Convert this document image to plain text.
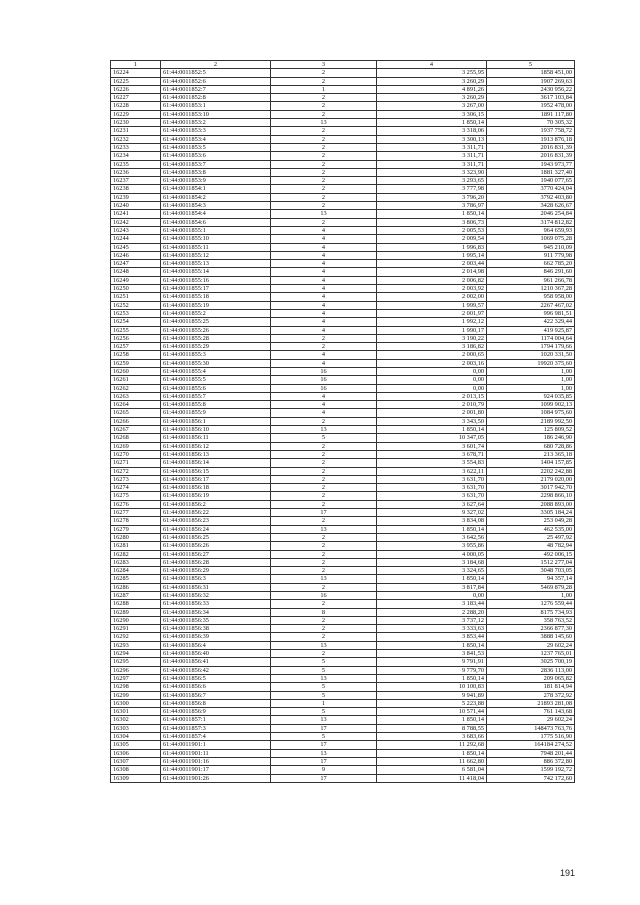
1	2	3	4	5
16224	61:44:0011852:5	2	3 255,95	1858 451,00
16225	61:44:0011852:6	2	3 260,29	1907 269,63
16226	61:44:0011852:7	1	4 891,26	2430 956,22
16227	61:44:0011852:8	2	3 260,29	3617 103,84
16228	61:44:0011853:1	2	3 267,00	1952 478,00
16229	61:44:0011853:10	2	3 306,15	1891 117,80
16230	61:44:0011853:2	13	1 850,14	70 305,32
16231	61:44:0011853:3	2	3 318,06	1937 758,72
16232	61:44:0011853:4	2	3 300,13	1913 876,18
16233	61:44:0011853:5	2	3 311,71	2016 831,39
16234	61:44:0011853:6	2	3 311,71	2016 831,39
16235	61:44:0011853:7	2	3 311,71	1943 973,77
16236	61:44:0011853:8	2	3 323,90	1881 327,40
16237	61:44:0011853:9	2	3 293,65	1940 077,65
16238	61:44:0011854:1	2	3 777,98	3770 424,04
16239	61:44:0011854:2	2	3 796,20	3792 403,80
16240	61:44:0011854:3	2	3 786,97	3428 626,67
16241	61:44:0011854:4	13	1 850,14	2046 254,84
16242	61:44:0011854:6	2	3 806,73	3174 812,82
16243	61:44:0011855:1	4	2 005,53	964 659,93
16244	61:44:0011855:10	4	2 009,54	1069 075,28
16245	61:44:0011855:11	4	1 996,83	945 210,09
16246	61:44:0011855:12	4	1 995,14	911 779,98
16247	61:44:0011855:13	4	2 003,44	662 785,20
16248	61:44:0011855:14	4	2 014,98	846 291,60
16249	61:44:0011855:16	4	2 006,82	961 266,78
16250	61:44:0011855:17	4	2 003,92	1210 367,28
16251	61:44:0011855:18	4	2 002,00	958 958,00
16252	61:44:0011855:19	4	1 999,57	2267 467,02
16253	61:44:0011855:2	4	2 001,97	996 981,51
16254	61:44:0011855:25	4	1 992,12	422 329,44
16255	61:44:0011855:26	4	1 990,17	419 925,87
16256	61:44:0011855:28	2	3 190,22	1174 004,64
16257	61:44:0011855:29	2	3 186,82	1794 179,66
16258	61:44:0011855:3	4	2 000,65	1020 331,50
16259	61:44:0011855:30	4	2 003,16	19920 375,60
16260	61:44:0011855:4	16	0,00	1,00
16261	61:44:0011855:5	16	0,00	1,00
16262	61:44:0011855:6	16	0,00	1,00
16263	61:44:0011855:7	4	2 013,15	924 035,85
16264	61:44:0011855:8	4	2 010,79	1099 902,13
16265	61:44:0011855:9	4	2 001,80	1084 975,60
16266	61:44:0011856:1	2	3 343,50	2189 992,50
16267	61:44:0011856:10	13	1 850,14	125 809,52
16268	61:44:0011856:11	5	10 347,05	186 246,90
16269	61:44:0011856:12	2	3 601,74	680 728,86
16270	61:44:0011856:13	2	3 678,71	213 365,18
16271	61:44:0011856:14	2	3 554,83	1404 157,85
16272	61:44:0011856:15	2	3 622,11	2202 242,88
16273	61:44:0011856:17	2	3 631,70	2179 020,00
16274	61:44:0011856:18	2	3 631,70	3017 942,70
16275	61:44:0011856:19	2	3 631,70	2298 866,10
16276	61:44:0011856:2	2	3 627,64	2088 893,00
16277	61:44:0011856:22	17	9 327,02	3305 184,24
16278	61:44:0011856:23	2	3 834,08	253 049,28
16279	61:44:0011856:24	13	1 850,14	462 535,00
16280	61:44:0011856:25	2	3 642,56	25 497,92
16281	61:44:0011856:26	2	3 955,86	48 782,94
16282	61:44:0011856:27	2	4 000,05	492 006,15
16283	61:44:0011856:28	2	3 184,68	1512 277,04
16284	61:44:0011856:29	2	3 324,65	3048 703,05
16285	61:44:0011856:3	13	1 850,14	94 357,14
16286	61:44:0011856:31	2	3 817,84	5469 879,28
16287	61:44:0011856:32	16	0,00	1,00
16288	61:44:0011856:33	2	3 183,44	1276 559,44
16289	61:44:0011856:34	8	2 288,20	8175 734,93
16290	61:44:0011856:35	2	3 737,12	358 763,52
16291	61:44:0011856:38	2	3 333,63	2366 877,30
16292	61:44:0011856:39	2	3 853,44	3888 145,60
16293	61:44:0011856:4	13	1 850,14	29 602,24
16294	61:44:0011856:40	2	3 841,53	1237 765,01
16295	61:44:0011856:41	5	9 791,91	3025 700,19
16296	61:44:0011856:42	5	9 779,70	2836 113,00
16297	61:44:0011856:5	13	1 850,14	209 065,82
16298	61:44:0011856:6	5	10 100,83	181 814,94
16299	61:44:0011856:7	5	9 941,89	278 372,92
16300	61:44:0011856:8	1	5 223,88	21893 281,08
16301	61:44:0011856:9	5	10 571,44	761 143,68
16302	61:44:0011857:1	13	1 850,14	29 602,24
16303	61:44:0011857:3	17	8 788,55	148473 763,76
16304	61:44:0011857:4	5	3 683,66	1775 516,90
16305	61:44:0011901:1	17	11 292,68	164184 274,52
16306	61:44:0011901:11	13	1 850,14	7948 201,44
16307	61:44:0011901:16	17	11 662,80	886 372,80
16308	61:44:0011901:17	9	6 581,04	1599 192,72
16309	61:44:0011901:26	17	11 418,04	742 172,60
191
